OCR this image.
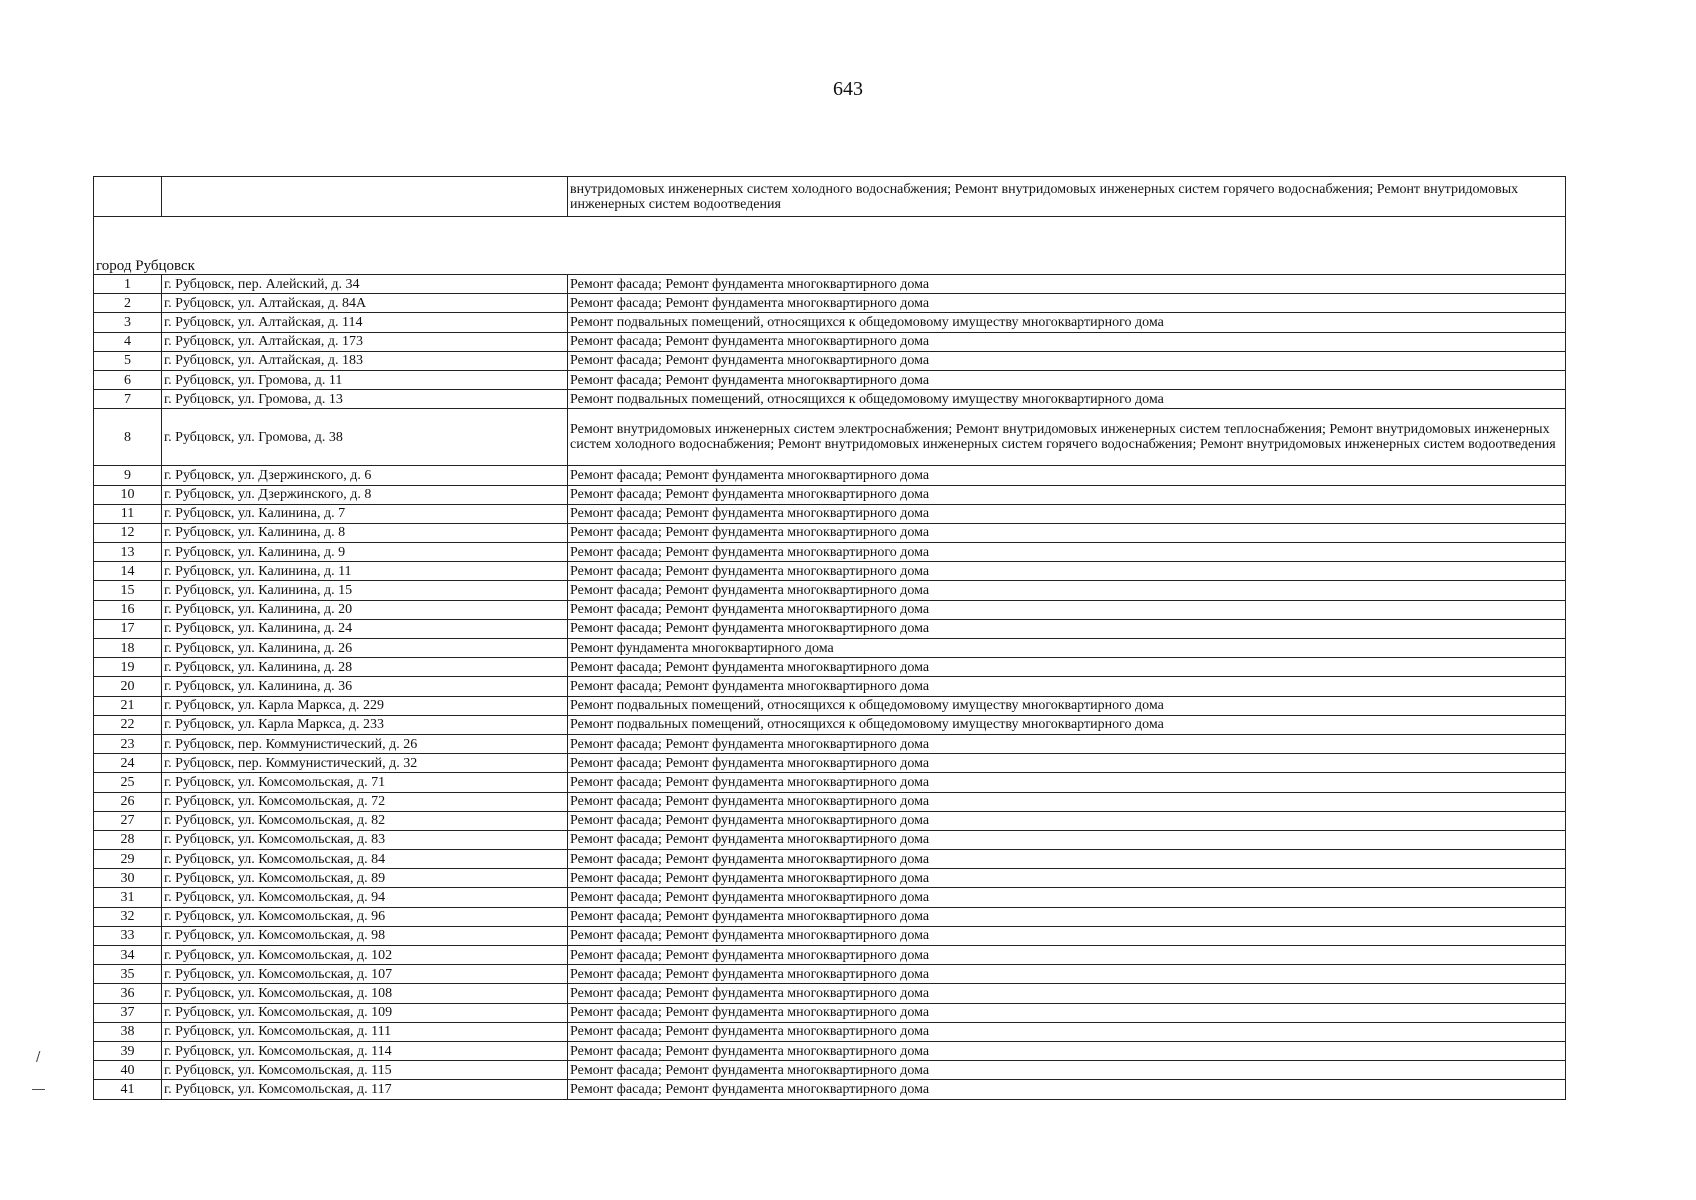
643
		внутридомовых инженерных систем холодного водоснабжения; Ремонт внутридомовых инженерных систем горячего водоснабжения; Ремонт внутридомовых инженерных систем водоотведения

город Рубцовск		
1	г. Рубцовск, пер. Алейский, д. 34	Ремонт фасада; Ремонт фундамента многоквартирного дома
2	г. Рубцовск, ул. Алтайская, д. 84А	Ремонт фасада; Ремонт фундамента многоквартирного дома
3	г. Рубцовск, ул. Алтайская, д. 114	Ремонт подвальных помещений, относящихся к общедомовому имуществу многоквартирного дома
4	г. Рубцовск, ул. Алтайская, д. 173	Ремонт фасада; Ремонт фундамента многоквартирного дома
5	г. Рубцовск, ул. Алтайская, д. 183	Ремонт фасада; Ремонт фундамента многоквартирного дома
6	г. Рубцовск, ул. Громова, д. 11	Ремонт фасада; Ремонт фундамента многоквартирного дома
7	г. Рубцовск, ул. Громова, д. 13	Ремонт подвальных помещений, относящихся к общедомовому имуществу многоквартирного дома
8	г. Рубцовск, ул. Громова, д. 38	Ремонт внутридомовых инженерных систем электроснабжения; Ремонт внутридомовых инженерных систем теплоснабжения; Ремонт внутридомовых инженерных систем холодного водоснабжения; Ремонт внутридомовых инженерных систем горячего водоснабжения; Ремонт внутридомовых инженерных систем водоотведения
9	г. Рубцовск, ул. Дзержинского, д. 6	Ремонт фасада; Ремонт фундамента многоквартирного дома
10	г. Рубцовск, ул. Дзержинского, д. 8	Ремонт фасада; Ремонт фундамента многоквартирного дома
11	г. Рубцовск, ул. Калинина, д. 7	Ремонт фасада; Ремонт фундамента многоквартирного дома
12	г. Рубцовск, ул. Калинина, д. 8	Ремонт фасада; Ремонт фундамента многоквартирного дома
13	г. Рубцовск, ул. Калинина, д. 9	Ремонт фасада; Ремонт фундамента многоквартирного дома
14	г. Рубцовск, ул. Калинина, д. 11	Ремонт фасада; Ремонт фундамента многоквартирного дома
15	г. Рубцовск, ул. Калинина, д. 15	Ремонт фасада; Ремонт фундамента многоквартирного дома
16	г. Рубцовск, ул. Калинина, д. 20	Ремонт фасада; Ремонт фундамента многоквартирного дома
17	г. Рубцовск, ул. Калинина, д. 24	Ремонт фасада; Ремонт фундамента многоквартирного дома
18	г. Рубцовск, ул. Калинина, д. 26	Ремонт фундамента многоквартирного дома
19	г. Рубцовск, ул. Калинина, д. 28	Ремонт фасада; Ремонт фундамента многоквартирного дома
20	г. Рубцовск, ул. Калинина, д. 36	Ремонт фасада; Ремонт фундамента многоквартирного дома
21	г. Рубцовск, ул. Карла Маркса, д. 229	Ремонт подвальных помещений, относящихся к общедомовому имуществу многоквартирного дома
22	г. Рубцовск, ул. Карла Маркса, д. 233	Ремонт подвальных помещений, относящихся к общедомовому имуществу многоквартирного дома
23	г. Рубцовск, пер. Коммунистический, д. 26	Ремонт фасада; Ремонт фундамента многоквартирного дома
24	г. Рубцовск, пер. Коммунистический, д. 32	Ремонт фасада; Ремонт фундамента многоквартирного дома
25	г. Рубцовск, ул. Комсомольская, д. 71	Ремонт фасада; Ремонт фундамента многоквартирного дома
26	г. Рубцовск, ул. Комсомольская, д. 72	Ремонт фасада; Ремонт фундамента многоквартирного дома
27	г. Рубцовск, ул. Комсомольская, д. 82	Ремонт фасада; Ремонт фундамента многоквартирного дома
28	г. Рубцовск, ул. Комсомольская, д. 83	Ремонт фасада; Ремонт фундамента многоквартирного дома
29	г. Рубцовск, ул. Комсомольская, д. 84	Ремонт фасада; Ремонт фундамента многоквартирного дома
30	г. Рубцовск, ул. Комсомольская, д. 89	Ремонт фасада; Ремонт фундамента многоквартирного дома
31	г. Рубцовск, ул. Комсомольская, д. 94	Ремонт фасада; Ремонт фундамента многоквартирного дома
32	г. Рубцовск, ул. Комсомольская, д. 96	Ремонт фасада; Ремонт фундамента многоквартирного дома
33	г. Рубцовск, ул. Комсомольская, д. 98	Ремонт фасада; Ремонт фундамента многоквартирного дома
34	г. Рубцовск, ул. Комсомольская, д. 102	Ремонт фасада; Ремонт фундамента многоквартирного дома
35	г. Рубцовск, ул. Комсомольская, д. 107	Ремонт фасада; Ремонт фундамента многоквартирного дома
36	г. Рубцовск, ул. Комсомольская, д. 108	Ремонт фасада; Ремонт фундамента многоквартирного дома
37	г. Рубцовск, ул. Комсомольская, д. 109	Ремонт фасада; Ремонт фундамента многоквартирного дома
38	г. Рубцовск, ул. Комсомольская, д. 111	Ремонт фасада; Ремонт фундамента многоквартирного дома
39	г. Рубцовск, ул. Комсомольская, д. 114	Ремонт фасада; Ремонт фундамента многоквартирного дома
40	г. Рубцовск, ул. Комсомольская, д. 115	Ремонт фасада; Ремонт фундамента многоквартирного дома
41	г. Рубцовск, ул. Комсомольская, д. 117	Ремонт фасада; Ремонт фундамента многоквартирного дома
/
―
